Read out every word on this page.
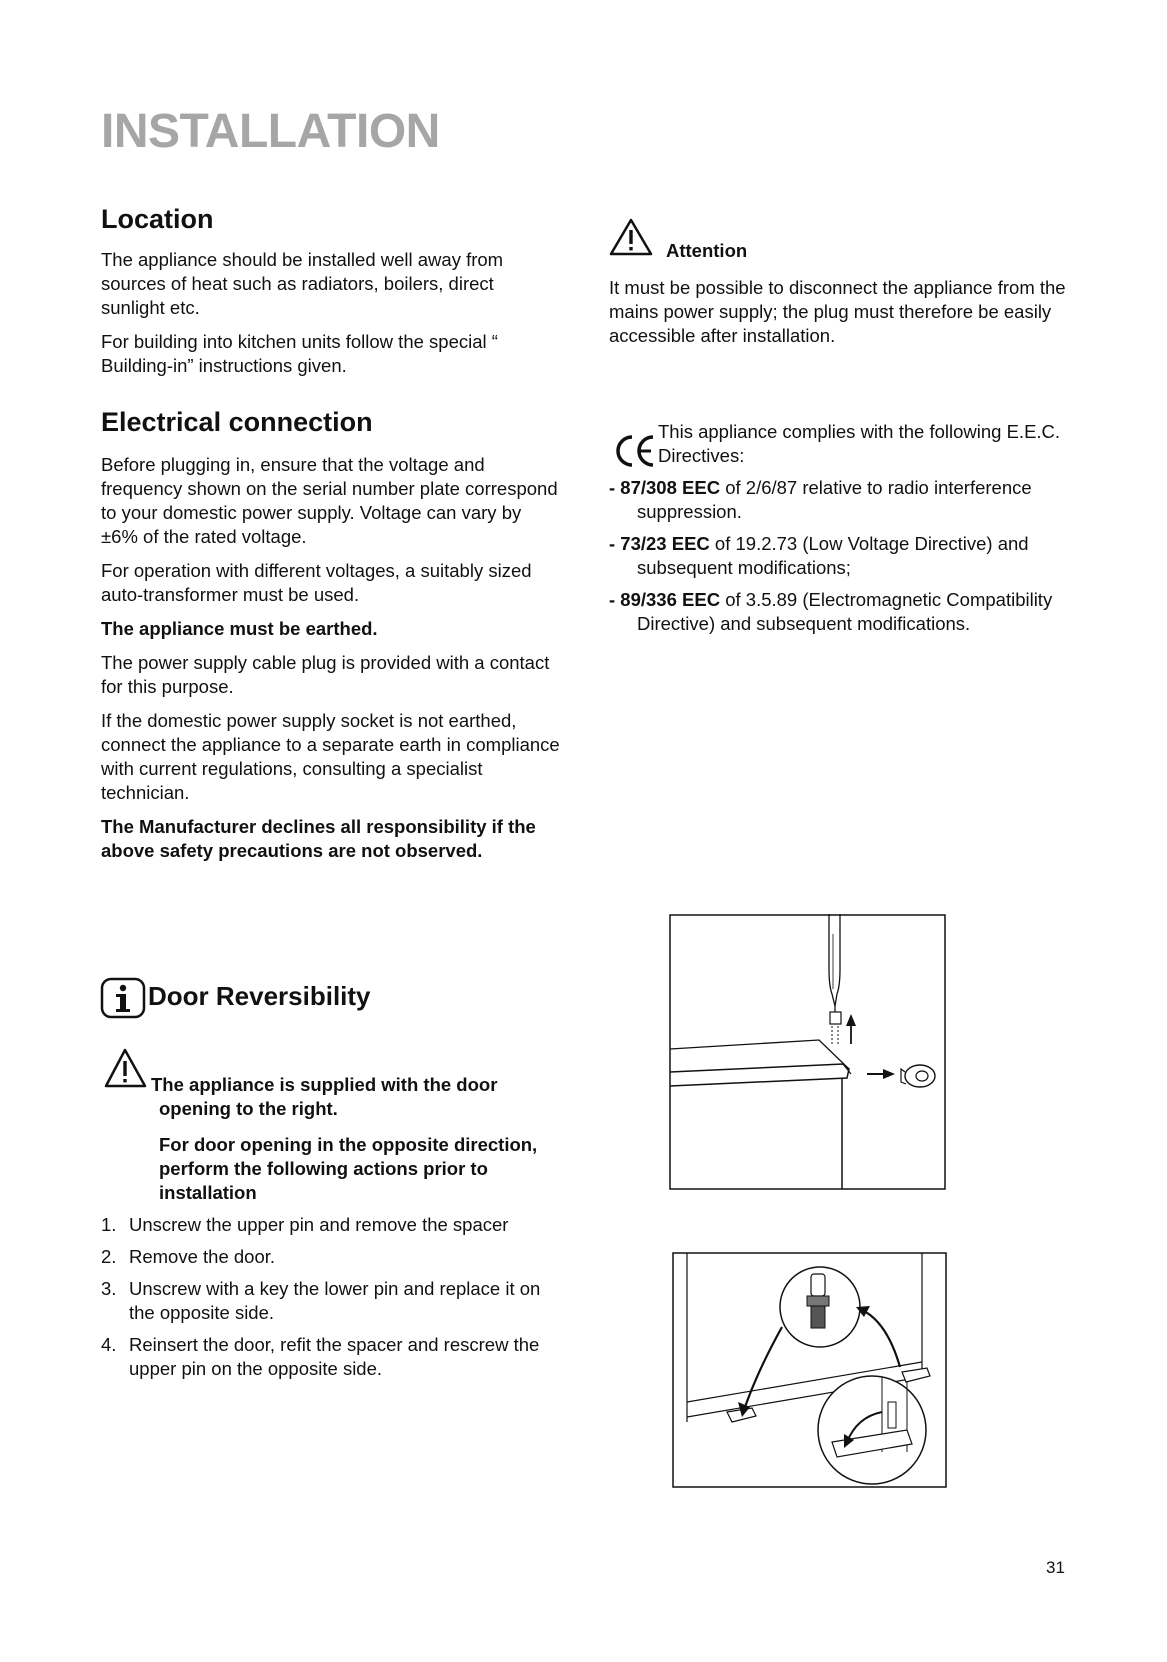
INSTALLATION
Location

The appliance should be installed well away from sources of heat such as radiators, boilers, direct sunlight etc.

For building into kitchen units follow the special “ Building-in” instructions given.

Electrical connection

Before plugging in, ensure that the voltage and frequency shown on the serial number plate correspond to your domestic power supply. Voltage can vary by ±6% of the rated voltage.

For operation with different voltages, a suitably sized auto-transformer must be used.

The appliance must be earthed.

The power supply cable plug is provided with a contact for this purpose.

If the domestic power supply socket is not earthed, connect the appliance to a separate earth in compliance with current regulations, consulting a specialist technician.

The Manufacturer declines all responsibility if the above safety precautions are not observed.

Attention

It must be possible to disconnect the appliance from the mains power supply; the plug must therefore be easily accessible after installation.

This appliance complies with the following E.E.C. Directives:

- 87/308 EEC of 2/6/87 relative to radio interference suppression.

- 73/23 EEC of 19.2.73 (Low Voltage Directive) and subsequent modifications;

- 89/336 EEC of 3.5.89 (Electromagnetic Compatibility Directive) and subsequent modifications.

Door Reversibility

The appliance is supplied with the door opening to the right.

For door opening in the opposite direction, perform the following actions prior to installation

1. Unscrew the upper pin and remove the spacer
2. Remove the door.
3. Unscrew with a key the lower pin and replace it on the opposite side.
4. Reinsert the door, refit the spacer and rescrew the upper pin on the opposite side.

31
